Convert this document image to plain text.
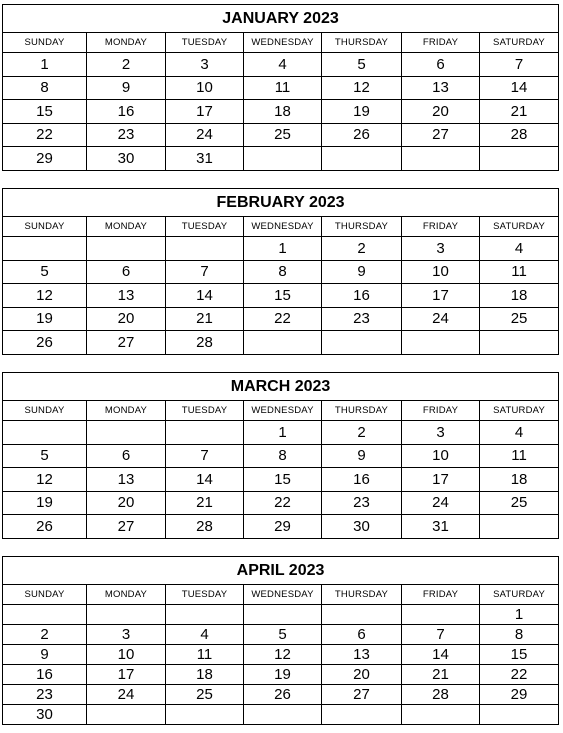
JANUARY 2023						
SUNDAY	MONDAY	TUESDAY	WEDNESDAY	THURSDAY	FRIDAY	SATURDAY
1	2	3	4	5	6	7
8	9	10	11	12	13	14
15	16	17	18	19	20	21
22	23	24	25	26	27	28
29	30	31				
FEBRUARY 2023						
SUNDAY	MONDAY	TUESDAY	WEDNESDAY	THURSDAY	FRIDAY	SATURDAY
			1	2	3	4
5	6	7	8	9	10	11
12	13	14	15	16	17	18
19	20	21	22	23	24	25
26	27	28				
MARCH 2023						
SUNDAY	MONDAY	TUESDAY	WEDNESDAY	THURSDAY	FRIDAY	SATURDAY
			1	2	3	4
5	6	7	8	9	10	11
12	13	14	15	16	17	18
19	20	21	22	23	24	25
26	27	28	29	30	31	
APRIL 2023						
SUNDAY	MONDAY	TUESDAY	WEDNESDAY	THURSDAY	FRIDAY	SATURDAY
						1
2	3	4	5	6	7	8
9	10	11	12	13	14	15
16	17	18	19	20	21	22
23	24	25	26	27	28	29
30						
